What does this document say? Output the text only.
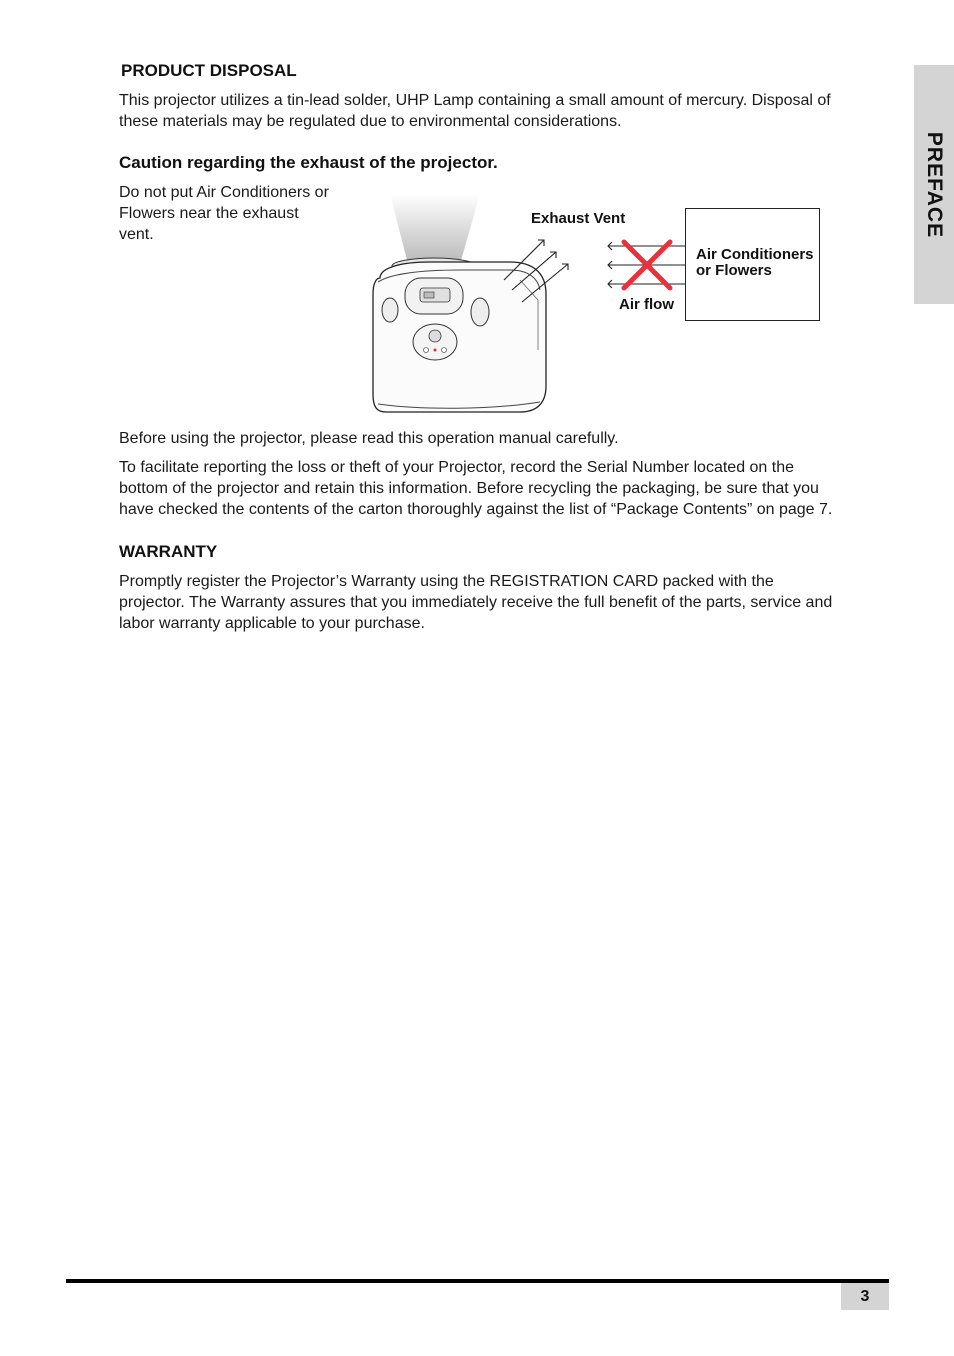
PREFACE
PRODUCT DISPOSAL
This projector utilizes a tin-lead solder, UHP Lamp containing a small amount of mercury. Disposal of
these materials may be regulated due to environmental considerations.
Caution regarding the exhaust of the projector.
Do not put Air Conditioners or
Flowers near the exhaust
vent.
Exhaust Vent
Air flow
Air Conditioners
or Flowers
Before using the projector, please read this operation manual carefully.
To facilitate reporting the loss or theft of your Projector, record the Serial Number located on the
bottom of the projector and retain this information. Before recycling the packaging, be sure that you
have checked the contents of the carton thoroughly against the list of “Package Contents” on page 7.
WARRANTY
Promptly register the Projector’s Warranty using the REGISTRATION CARD packed with the
projector. The Warranty assures that you immediately receive the full benefit of the parts, service and
labor warranty applicable to your purchase.
3
